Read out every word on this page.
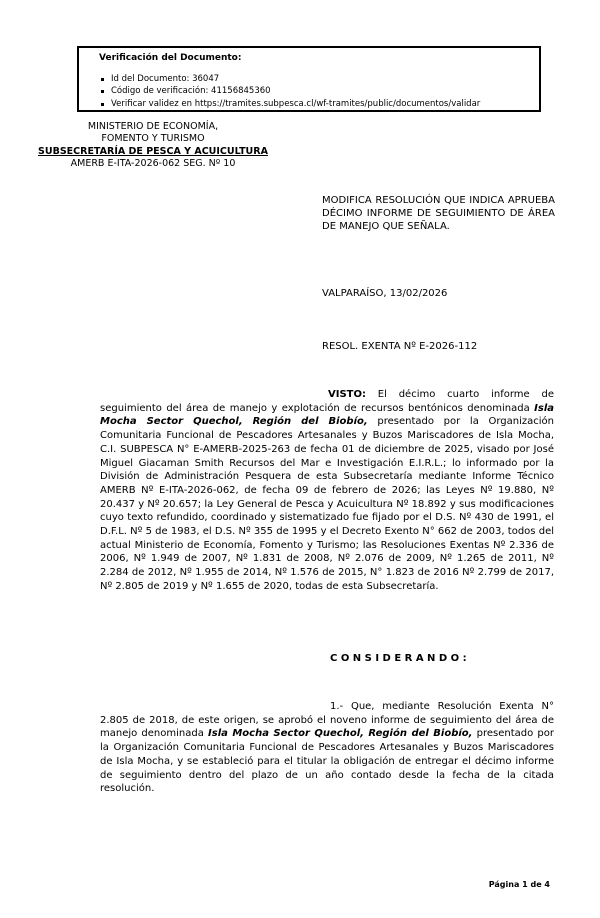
Verificación del Documento:
Id del Documento: 36047
Código de verificación: 41156845360
Verificar validez en https://tramites.subpesca.cl/wf-tramites/public/documentos/validar
MINISTERIO DE ECONOMÍA,
FOMENTO Y TURISMO
SUBSECRETARÍA DE PESCA Y ACUICULTURA
AMERB E-ITA-2026-062 SEG. Nº 10
MODIFICA RESOLUCIÓN QUE INDICA APRUEBA DÉCIMO INFORME DE SEGUIMIENTO DE ÁREA DE MANEJO QUE SEÑALA.
VALPARAÍSO, 13/02/2026
RESOL. EXENTA Nº E-2026-112
VISTO: El décimo cuarto informe de seguimiento del área de manejo y explotación de recursos bentónicos denominada Isla Mocha Sector Quechol, Región del Biobío, presentado por la Organización Comunitaria Funcional de Pescadores Artesanales y Buzos Mariscadores de Isla Mocha, C.I. SUBPESCA N° E-AMERB-2025-263 de fecha 01 de diciembre de 2025, visado por José Miguel Giacaman Smith Recursos del Mar e Investigación E.I.R.L.; lo informado por la División de Administración Pesquera de esta Subsecretaría mediante Informe Técnico AMERB Nº E-ITA-2026-062, de fecha 09 de febrero de 2026; las Leyes Nº 19.880, Nº 20.437 y Nº 20.657; la Ley General de Pesca y Acuicultura Nº 18.892 y sus modificaciones cuyo texto refundido, coordinado y sistematizado fue fijado por el D.S. Nº 430 de 1991, el D.F.L. Nº 5 de 1983, el D.S. Nº 355 de 1995 y el Decreto Exento N° 662 de 2003, todos del actual Ministerio de Economía, Fomento y Turismo; las Resoluciones Exentas Nº 2.336 de 2006, Nº 1.949 de 2007, Nº 1.831 de 2008, Nº 2.076 de 2009, Nº 1.265 de 2011, Nº 2.284 de 2012, Nº 1.955 de 2014, Nº 1.576 de 2015, N° 1.823 de 2016 Nº 2.799 de 2017, Nº 2.805 de 2019 y Nº 1.655 de 2020, todas de esta Subsecretaría.
C O N S I D E R A N D O :
1.- Que, mediante Resolución Exenta N° 2.805 de 2018, de este origen, se aprobó el noveno informe de seguimiento del área de manejo denominada Isla Mocha Sector Quechol, Región del Biobío, presentado por la Organización Comunitaria Funcional de Pescadores Artesanales y Buzos Mariscadores de Isla Mocha, y se estableció para el titular la obligación de entregar el décimo informe de seguimiento dentro del plazo de un año contado desde la fecha de la citada resolución.
Página 1 de 4
